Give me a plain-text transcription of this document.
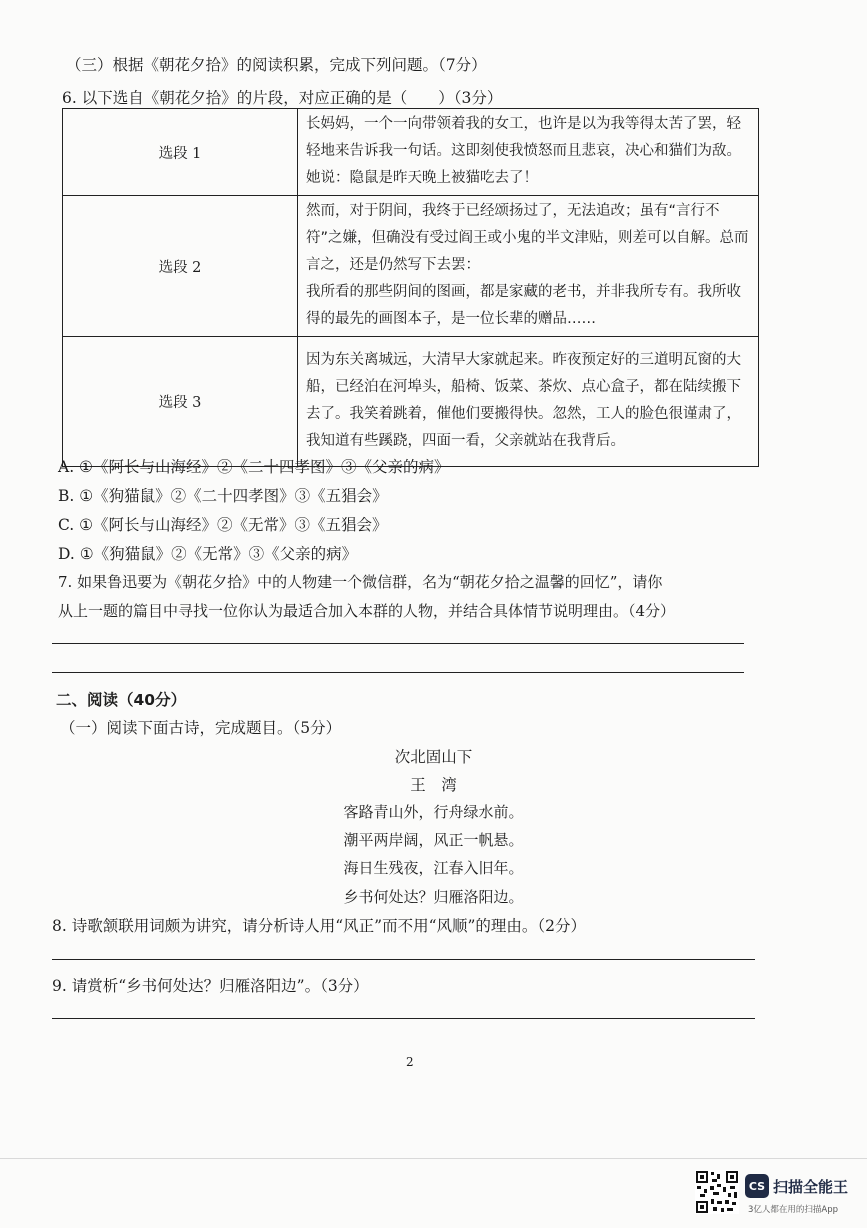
（三）根据《朝花夕拾》的阅读积累，完成下列问题。（7分）
6. 以下选自《朝花夕拾》的片段，对应正确的是（　　）（3分）
选段 1	长妈妈，一个一向带领着我的女工，也许是以为我等得太苦了罢，轻轻地来告诉我一句话。这即刻使我愤怒而且悲哀，决心和猫们为敌。她说：隐鼠是昨天晚上被猫吃去了！

选段 2	然而，对于阴间，我终于已经颂扬过了，无法追改；虽有“言行不符”之嫌，但确没有受过阎王或小鬼的半文津贴，则差可以自解。总而言之，还是仍然写下去罢：
我所看的那些阴间的图画，都是家藏的老书，并非我所专有。我所收得的最先的画图本子，是一位长辈的赠品……

选段 3	因为东关离城远，大清早大家就起来。昨夜预定好的三道明瓦窗的大船，已经泊在河埠头，船椅、饭菜、茶炊、点心盒子，都在陆续搬下去了。我笑着跳着，催他们要搬得快。忽然，工人的脸色很谨肃了，我知道有些蹊跷，四面一看，父亲就站在我背后。
A. ①《阿长与山海经》②《二十四孝图》③《父亲的病》
B. ①《狗猫鼠》②《二十四孝图》③《五猖会》
C. ①《阿长与山海经》②《无常》③《五猖会》
D. ①《狗猫鼠》②《无常》③《父亲的病》
7. 如果鲁迅要为《朝花夕拾》中的人物建一个微信群，名为“朝花夕拾之温馨的回忆”，请你
从上一题的篇目中寻找一位你认为最适合加入本群的人物，并结合具体情节说明理由。（4分）
二、阅读（40分）
（一）阅读下面古诗，完成题目。（5分）
次北固山下
王　湾
客路青山外，行舟绿水前。
潮平两岸阔，风正一帆悬。
海日生残夜，江春入旧年。
乡书何处达？归雁洛阳边。
8. 诗歌颔联用词颇为讲究，请分析诗人用“风正”而不用“风顺”的理由。（2分）
9. 请赏析“乡书何处达？归雁洛阳边”。（3分）
2
CS 扫描全能王
3亿人都在用的扫描App
